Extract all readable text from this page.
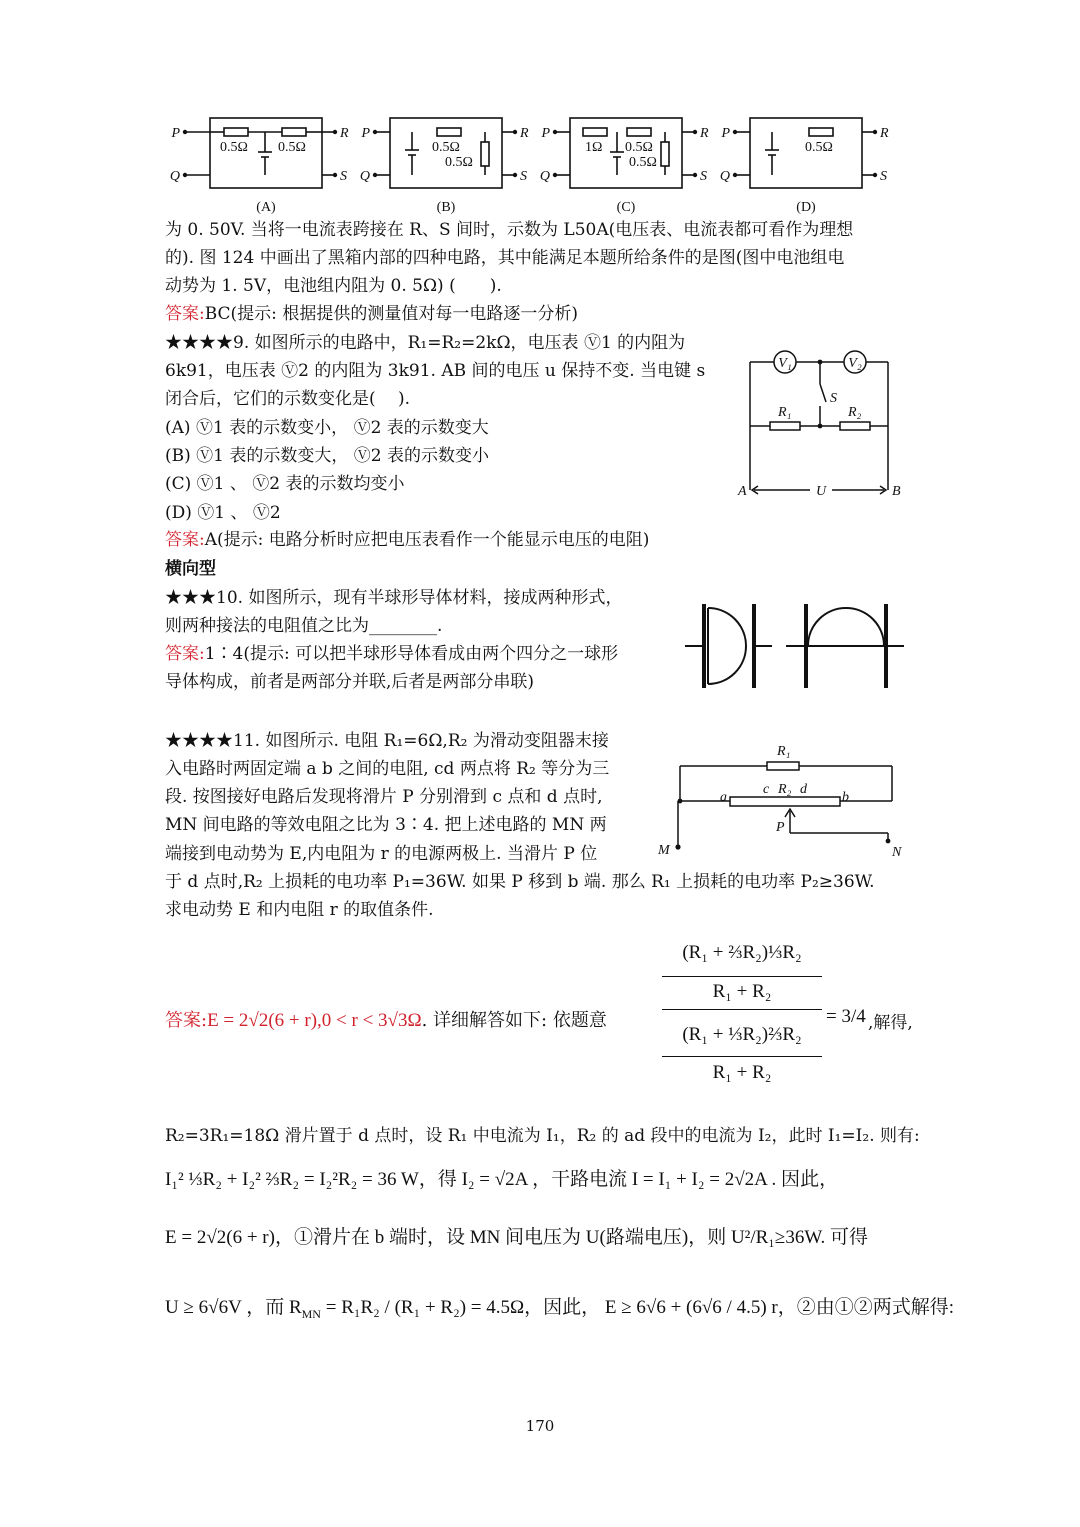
P
Q
R
S
P
Q
R
S
P
Q
R
S
P
Q
R
S
0.5Ω 0.5Ω	0.5Ω
0.5Ω
1Ω 0.5Ω
0.5Ω
0.5Ω
(A)	(B)	(C)	(D)
为 0. 50V. 当将一电流表跨接在 R、S 间时，示数为 L50A(电压表、电流表都可看作为理想
的). 图 124 中画出了黑箱内部的四种电路，其中能满足本题所给条件的是图(图中电池组电
动势为 1. 5V，电池组内阻为 0. 5Ω) (　　).
答案:BC(提示: 根据提供的测量值对每一电路逐一分析)
★★★★9. 如图所示的电路中，R₁=R₂=2kΩ，电压表 Ⓥ1 的内阻为
6k91，电压表 Ⓥ2 的内阻为 3k91. AB 间的电压 u 保持不变. 当电键 s
闭合后，它们的示数变化是(　 ).
(A) Ⓥ1 表的示数变小， Ⓥ2 表的示数变大
(B) Ⓥ1 表的示数变大， Ⓥ2 表的示数变小
(C) Ⓥ1 、 Ⓥ2 表的示数均变小
(D) Ⓥ1 、 Ⓥ2
答案:A(提示: 电路分析时应把电压表看作一个能显示电压的电阻)
V₁	V₂
S
R₁	R₂
A	U	B
横向型
★★★10. 如图所示，现有半球形导体材料，接成两种形式，
则两种接法的电阻值之比为________.
答案:1∶4(提示: 可以把半球形导体看成由两个四分之一球形
导体构成，前者是两部分并联,后者是两部分串联)
★★★★11. 如图所示. 电阻 R₁=6Ω,R₂ 为滑动变阻器末接
入电路时两固定端 a b 之间的电阻, cd 两点将 R₂ 等分为三
段. 按图接好电路后发现将滑片 P 分别滑到 c 点和 d 点时,
MN 间电路的等效电阻之比为 3∶4. 把上述电路的 MN 两
端接到电动势为 E,内电阻为 r 的电源两极上. 当滑片 P 位
于 d 点时,R₂ 上损耗的电功率 P₁=36W. 如果 P 移到 b 端. 那么 R₁ 上损耗的电功率 P₂≥36W.
求电动势 E 和内电阻 r 的取值条件.
R₁
a
c R₂ d
b
P
M	N
答案:E = 2√2(6 + r),0 < r < 3√3Ω. 详细解答如下: 依题意
(R₁ + ⅔R₂)⅓R₂
R₁ + R₂
(R₁ + ⅓R₂)⅔R₂
R₁ + R₂
= 3/4 ,解得,
R₂=3R₁=18Ω 滑片置于 d 点时，设 R₁ 中电流为 I₁，R₂ 的 ad 段中的电流为 I₂，此时 I₁=I₂. 则有:
I₁² ⅓R₂ + I₂² ⅔R₂ = I₂²R₂ = 36 W，得 I₂ = √2A ，干路电流 I = I₁ + I₂ = 2√2A . 因此，
E = 2√2(6 + r)，①滑片在 b 端时，设 MN 间电压为 U(路端电压)，则 U²/R₁≥36W. 可得
U ≥ 6√6V ，而 $R_{MN} = R_1R_2 / (R_1 + R_2) = 4.5\Omega$，因此， E ≥ 6√6 + (6√6 / 4.5) r，②由①②两式解得:
170
